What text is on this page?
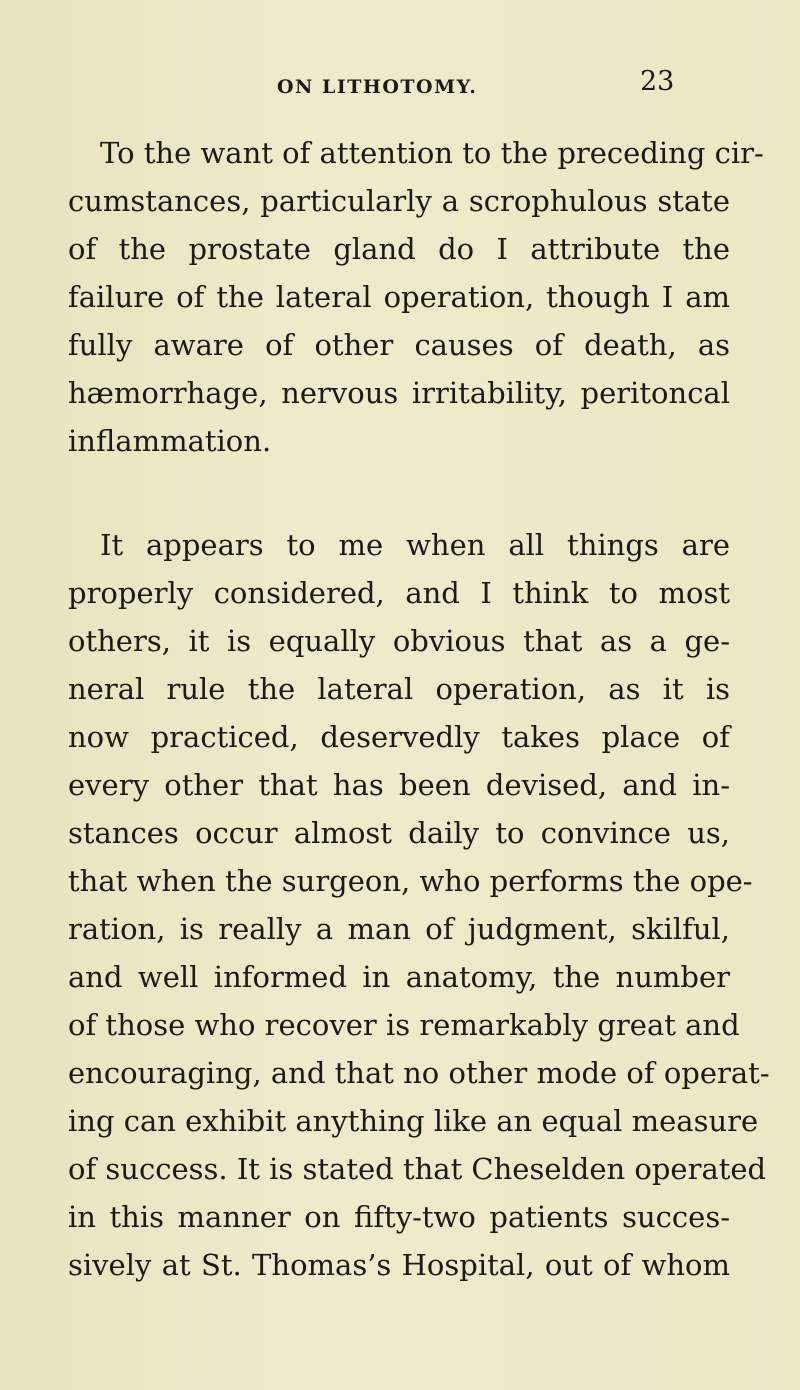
ON LITHOTOMY.	23
To the want of attention to the preceding cir-
cumstances, particularly a scrophulous state
of the prostate gland do I attribute the
failure of the lateral operation, though I am
fully aware of other causes of death, as
hæmorrhage, nervous irritability, peritoncal
inflammation.
It appears to me when all things are
properly considered, and I think to most
others, it is equally obvious that as a ge-
neral rule the lateral operation, as it is
now practiced, deservedly takes place of
every other that has been devised, and in-
stances occur almost daily to convince us,
that when the surgeon, who performs the ope-
ration, is really a man of judgment, skilful,
and well informed in anatomy, the number
of those who recover is remarkably great and
encouraging, and that no other mode of operat-
ing can exhibit anything like an equal measure
of success. It is stated that Cheselden operated
in this manner on fifty-two patients succes-
sively at St. Thomas’s Hospital, out of whom
